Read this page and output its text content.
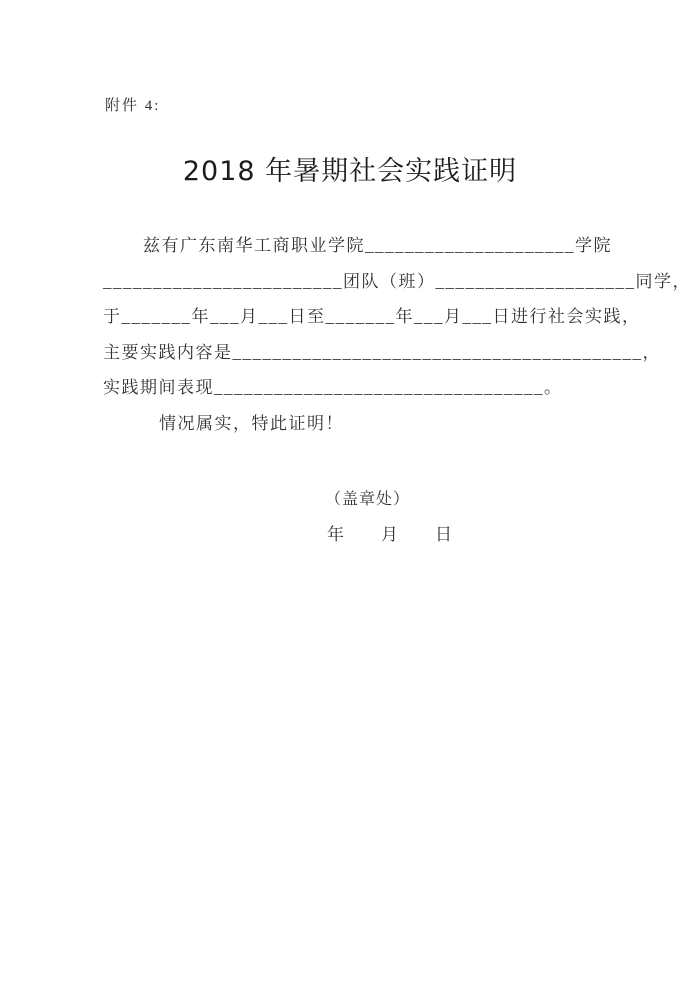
附件 4:
2018 年暑期社会实践证明
兹有广东南华工商职业学院_____________________学院
________________________团队（班）____________________同学，
于_______年___月___日至_______年___月___日进行社会实践，
主要实践内容是_________________________________________，
实践期间表现_________________________________。
情况属实，特此证明！
（盖章处）
年　　月　　日
